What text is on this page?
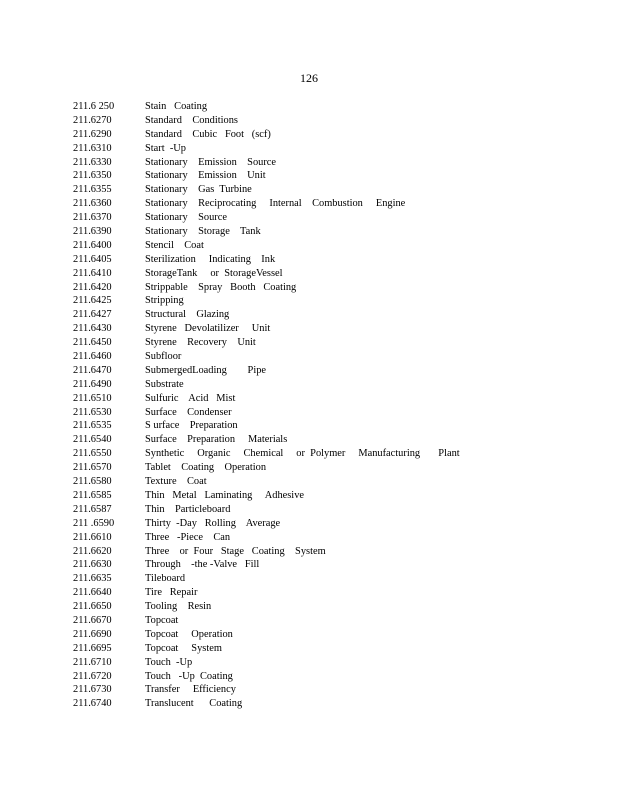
126
211.6 250	Stain   Coating
211.6270	Standard    Conditions
211.6290	Standard    Cubic   Foot   (scf)
211.6310	Start  -Up
211.6330	Stationary    Emission    Source
211.6350	Stationary    Emission    Unit
211.6355	Stationary    Gas  Turbine
211.6360	Stationary    Reciprocating     Internal    Combustion     Engine
211.6370	Stationary    Source
211.6390	Stationary    Storage    Tank
211.6400	Stencil    Coat
211.6405	Sterilization     Indicating    Ink
211.6410	StorageTank     or  StorageVessel
211.6420	Strippable    Spray   Booth   Coating
211.6425	Stripping
211.6427	Structural    Glazing
211.6430	Styrene   Devolatilizer     Unit
211.6450	Styrene    Recovery    Unit
211.6460	Subfloor
211.6470	SubmergedLoading        Pipe
211.6490	Substrate
211.6510	Sulfuric    Acid   Mist
211.6530	Surface    Condenser
211.6535	S urface    Preparation
211.6540	Surface    Preparation     Materials
211.6550	Synthetic     Organic     Chemical     or  Polymer     Manufacturing       Plant
211.6570	Tablet    Coating    Operation
211.6580	Texture    Coat
211.6585	Thin   Metal   Laminating     Adhesive
211.6587	Thin    Particleboard
211 .6590	Thirty  -Day   Rolling    Average
211.6610	Three   -Piece    Can
211.6620	Three    or  Four   Stage   Coating    System
211.6630	Through    -the -Valve   Fill
211.6635	Tileboard
211.6640	Tire   Repair
211.6650	Tooling    Resin
211.6670	Topcoat
211.6690	Topcoat     Operation
211.6695	Topcoat     System
211.6710	Touch  -Up
211.6720	Touch   -Up  Coating
211.6730	Transfer     Efficiency
211.6740	Translucent      Coating
